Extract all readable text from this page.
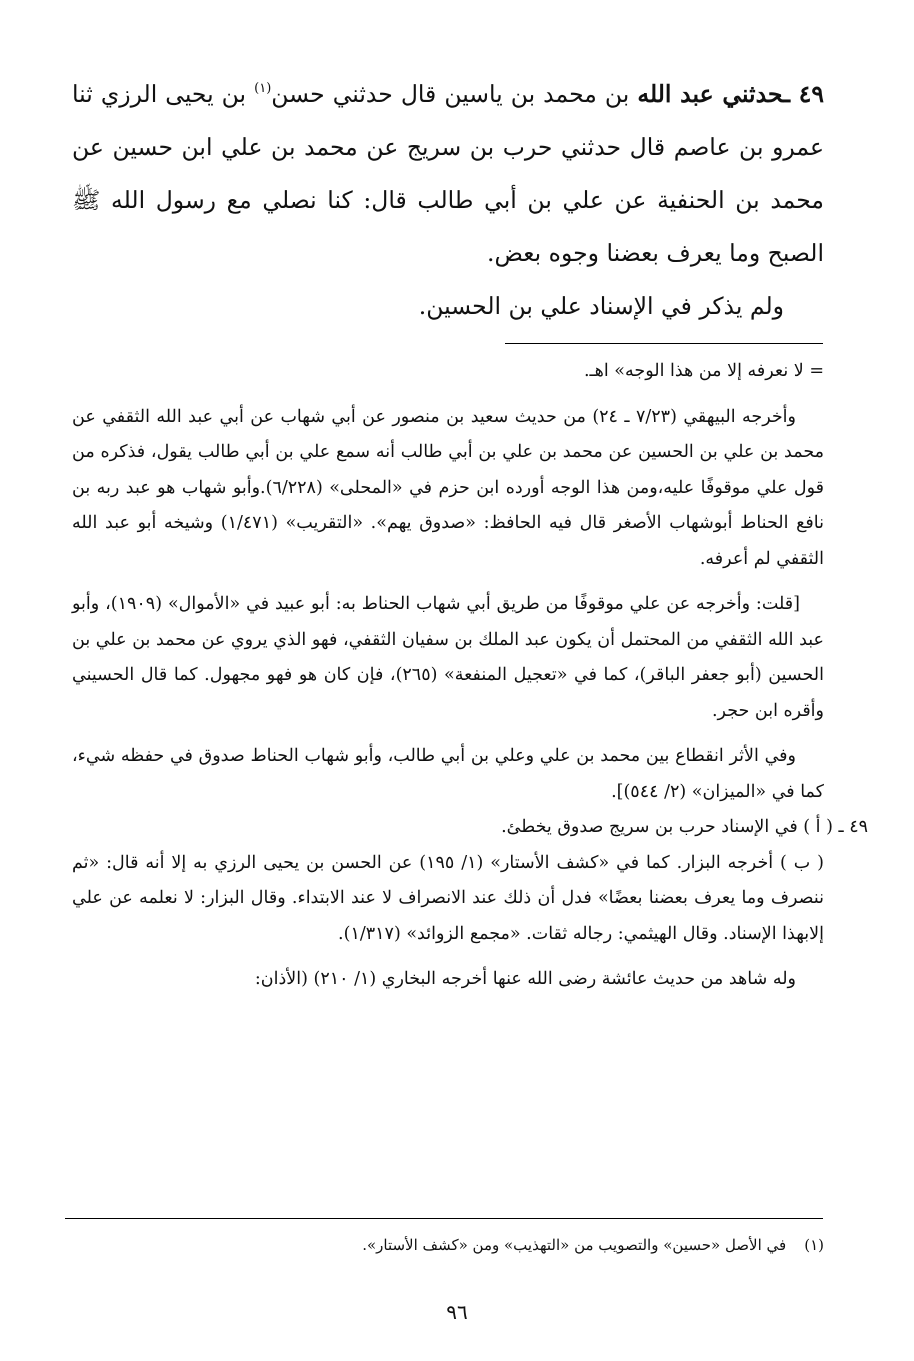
٤٩ ـحدثني عبد الله بن محمد بن ياسين قال حدثني حسن$^{(١)}$ بن يحيى الرزي ثنا عمرو بن عاصم قال حدثني حرب بن سريج عن محمد بن علي ابن حسين عن محمد بن الحنفية عن علي بن أبي طالب قال: كنا نصلي مع رسول الله ﷺ الصبح وما يعرف بعضنا وجوه بعض.

ولم يذكر في الإسناد علي بن الحسين.

= لا نعرفه إلا من هذا الوجه» اهـ.

وأخرجه البيهقي (٧/٢٣ ـ ٢٤) من حديث سعيد بن منصور عن أبي شهاب عن أبي عبد الله الثقفي عن محمد بن علي بن الحسين عن محمد بن علي بن أبي طالب أنه سمع علي بن أبي طالب يقول، فذكره من قول علي موقوفًا عليه،ومن هذا الوجه أورده ابن حزم في «المحلى» (٦/٢٢٨).وأبو شهاب هو عبد ربه بن نافع الحناط أبوشهاب الأصغر قال فيه الحافظ: «صدوق يهم». «التقريب» (١/٤٧١) وشيخه أبو عبد الله الثقفي لم أعرفه.

[قلت: وأخرجه عن علي موقوفًا من طريق أبي شهاب الحناط به: أبو عبيد في «الأموال» (١٩٠٩)، وأبو عبد الله الثقفي من المحتمل أن يكون عبد الملك بن سفيان الثقفي، فهو الذي يروي عن محمد بن علي بن الحسين (أبو جعفر الباقر)، كما في «تعجيل المنفعة» (٢٦٥)، فإن كان هو فهو مجهول. كما قال الحسيني وأقره ابن حجر.

وفي الأثر انقطاع بين محمد بن علي وعلي بن أبي طالب، وأبو شهاب الحناط صدوق في حفظه شيء، كما في «الميزان» (٢/ ٥٤٤)].

٤٩ ـ ( أ ) في الإسناد حرب بن سريج صدوق يخطئ.

( ب ) أخرجه البزار. كما في «كشف الأستار» (١/ ١٩٥) عن الحسن بن يحيى الرزي به إلا أنه قال: «ثم ننصرف وما يعرف بعضنا بعضًا» فدل أن ذلك عند الانصراف لا عند الابتداء. وقال البزار: لا نعلمه عن علي إلابهذا الإسناد. وقال الهيثمي: رجاله ثقات. «مجمع الزوائد» (١/٣١٧).

وله شاهد من حديث عائشة رضى الله عنها أخرجه البخاري (١/ ٢١٠) (الأذان:

(١)في الأصل «حسين» والتصويب من «التهذيب» ومن «كشف الأستار».
٩٦
